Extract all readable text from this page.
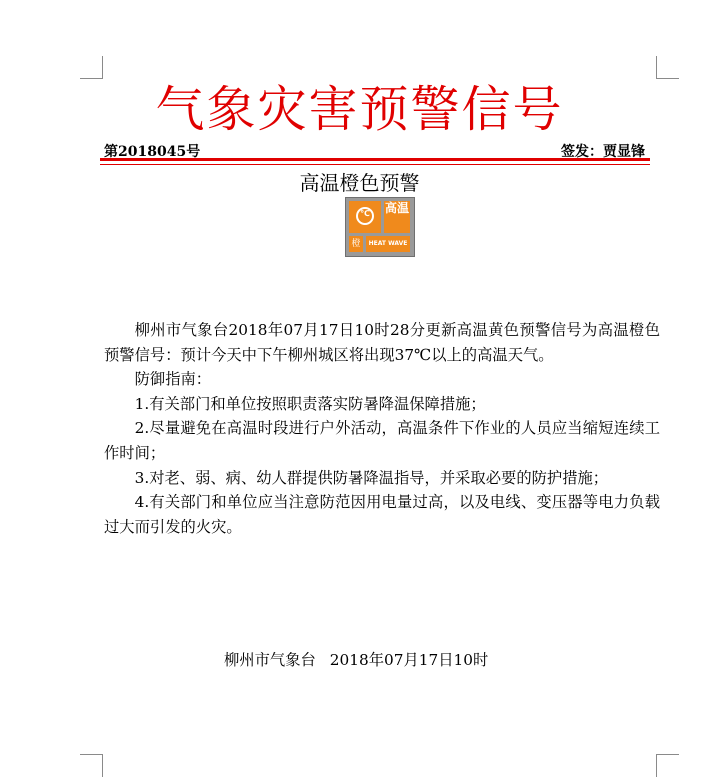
气象灾害预警信号
第2018045号	签发：贾显锋
高温橙色预警
℃	高温
橙	HEAT WAVE

柳州市气象台2018年07月17日10时28分更新高温黄色预警信号为高温橙色预警信号：预计今天中下午柳州城区将出现37℃以上的高温天气。

防御指南：

1.有关部门和单位按照职责落实防暑降温保障措施；

2.尽量避免在高温时段进行户外活动，高温条件下作业的人员应当缩短连续工作时间；

3.对老、弱、病、幼人群提供防暑降温指导，并采取必要的防护措施；

4.有关部门和单位应当注意防范因用电量过高，以及电线、变压器等电力负载过大而引发的火灾。

柳州市气象台 2018年07月17日10时
